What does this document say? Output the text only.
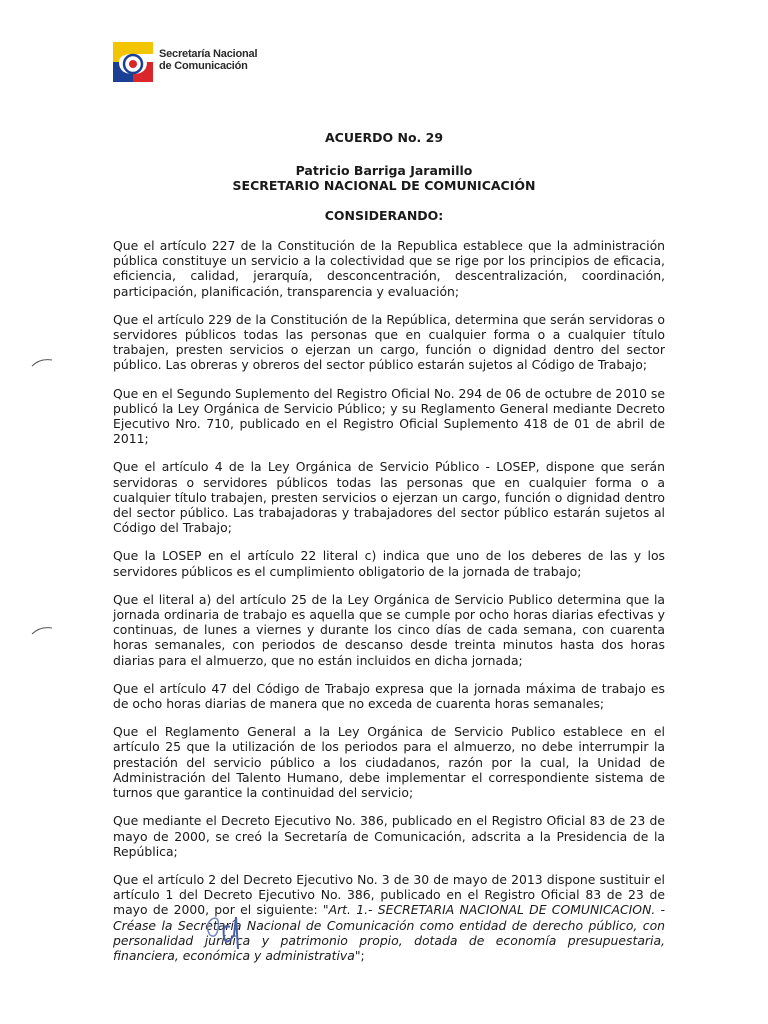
Secretaría Nacional
de Comunicación
ACUERDO No. 29
Patricio Barriga Jaramillo
SECRETARIO NACIONAL DE COMUNICACIÓN
CONSIDERANDO:

Que el artículo 227 de la Constitución de la Republica establece que la administración pública constituye un servicio a la colectividad que se rige por los principios de eficacia, eficiencia, calidad, jerarquía, desconcentración, descentralización, coordinación, participación, planificación, transparencia y evaluación;

Que el artículo 229 de la Constitución de la República, determina que serán servidoras o servidores públicos todas las personas que en cualquier forma o a cualquier título trabajen, presten servicios o ejerzan un cargo, función o dignidad dentro del sector público. Las obreras y obreros del sector público estarán sujetos al Código de Trabajo;

Que en el Segundo Suplemento del Registro Oficial No. 294 de 06 de octubre de 2010 se publicó la Ley Orgánica de Servicio Público; y su Reglamento General mediante Decreto Ejecutivo Nro. 710, publicado en el Registro Oficial Suplemento 418 de 01 de abril de 2011;

Que el artículo 4 de la Ley Orgánica de Servicio Público - LOSEP, dispone que serán servidoras o servidores públicos todas las personas que en cualquier forma o a cualquier título trabajen, presten servicios o ejerzan un cargo, función o dignidad dentro del sector público. Las trabajadoras y trabajadores del sector público estarán sujetos al Código del Trabajo;

Que la LOSEP en el artículo 22 literal c) indica que uno de los deberes de las y los servidores públicos es el cumplimiento obligatorio de la jornada de trabajo;

Que el literal a) del artículo 25 de la Ley Orgánica de Servicio Publico determina que la jornada ordinaria de trabajo es aquella que se cumple por ocho horas diarias efectivas y continuas, de lunes a viernes y durante los cinco días de cada semana, con cuarenta horas semanales, con periodos de descanso desde treinta minutos hasta dos horas diarias para el almuerzo, que no están incluidos en dicha jornada;

Que el artículo 47 del Código de Trabajo expresa que la jornada máxima de trabajo es de ocho horas diarias de manera que no exceda de cuarenta horas semanales;

Que el Reglamento General a la Ley Orgánica de Servicio Publico establece en el artículo 25 que la utilización de los periodos para el almuerzo, no debe interrumpir la prestación del servicio público a los ciudadanos, razón por la cual, la Unidad de Administración del Talento Humano, debe implementar el correspondiente sistema de turnos que garantice la continuidad del servicio;

Que mediante el Decreto Ejecutivo No. 386, publicado en el Registro Oficial 83 de 23 de mayo de 2000, se creó la Secretaría de Comunicación, adscrita a la Presidencia de la República;

Que el artículo 2 del Decreto Ejecutivo No. 3 de 30 de mayo de 2013 dispone sustituir el artículo 1 del Decreto Ejecutivo No. 386, publicado en el Registro Oficial 83 de 23 de mayo de 2000, por el siguiente: "Art. 1.- SECRETARIA NACIONAL DE COMUNICACION. - Créase la Secretaría Nacional de Comunicación como entidad de derecho público, con personalidad jurídica y patrimonio propio, dotada de economía presupuestaria, financiera, económica y administrativa";
